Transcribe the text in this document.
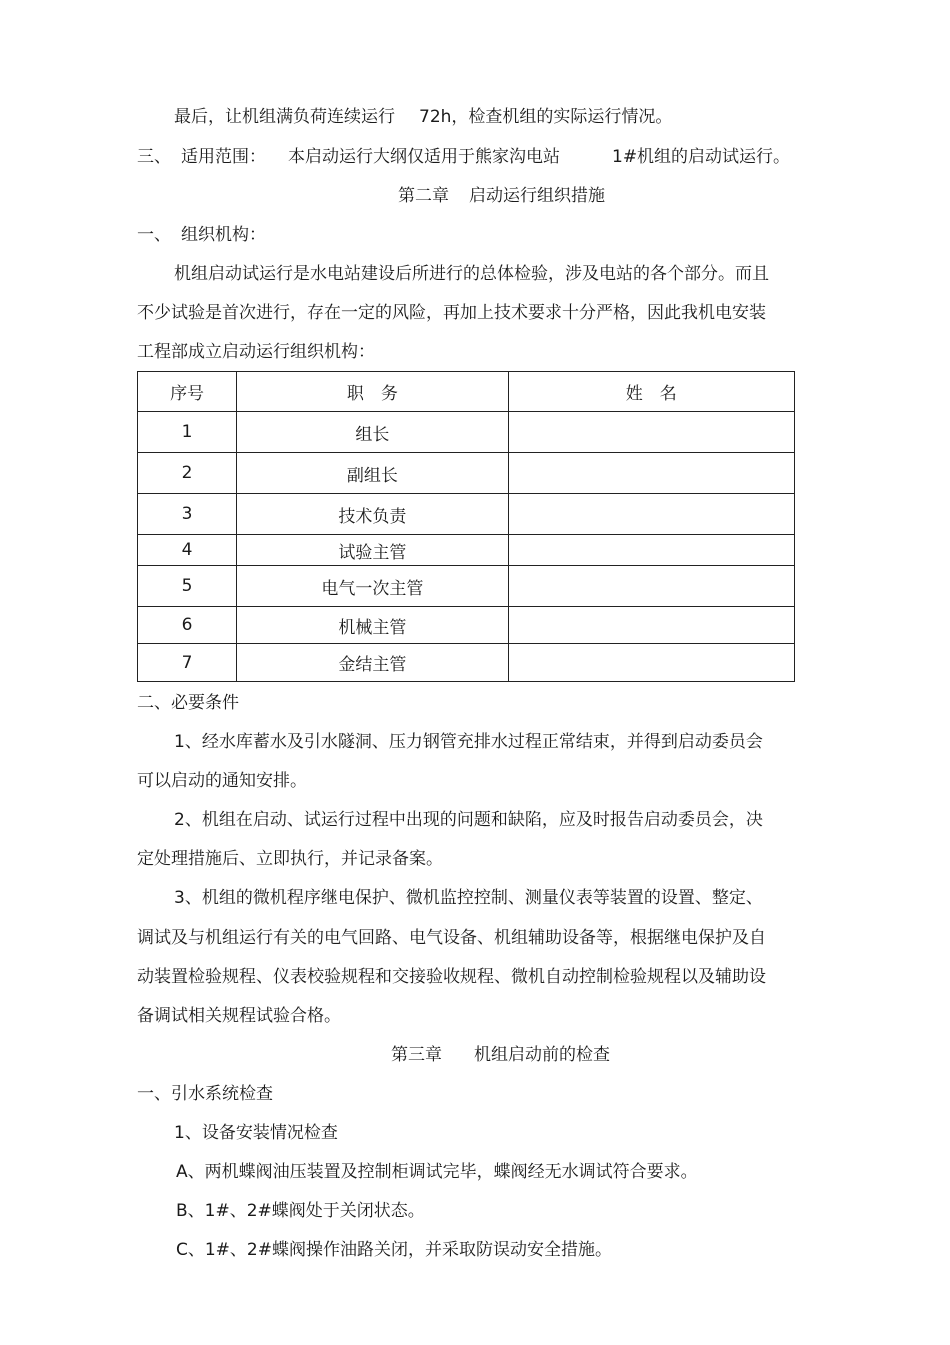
最后，让机组满负荷连续运行 72h，检查机组的实际运行情况。
三、 适用范围： 本启动运行大纲仅适用于熊家沟电站	1#机组的启动试运行。
第二章 启动运行组织措施
一、 组织机构：
机组启动试运行是水电站建设后所进行的总体检验，涉及电站的各个部分。而且
不少试验是首次进行，存在一定的风险，再加上技术要求十分严格，因此我机电安装
工程部成立启动运行组织机构：
序号	职　务	姓　名
1	组长	
2	副组长	
3	技术负责	
4	试验主管	
5	电气一次主管	
6	机械主管	
7	金结主管	
二、必要条件
1、经水库蓄水及引水隧洞、压力钢管充排水过程正常结束，并得到启动委员会
可以启动的通知安排。
2、机组在启动、试运行过程中出现的问题和缺陷，应及时报告启动委员会，决
定处理措施后、立即执行，并记录备案。
3、机组的微机程序继电保护、微机监控控制、测量仪表等装置的设置、整定、
调试及与机组运行有关的电气回路、电气设备、机组辅助设备等，根据继电保护及自
动装置检验规程、仪表校验规程和交接验收规程、微机自动控制检验规程以及辅助设
备调试相关规程试验合格。
第三章 机组启动前的检查
一、引水系统检查
1、设备安装情况检查
A、两机蝶阀油压装置及控制柜调试完毕，蝶阀经无水调试符合要求。
B、1#、2#蝶阀处于关闭状态。
C、1#、2#蝶阀操作油路关闭，并采取防误动安全措施。
